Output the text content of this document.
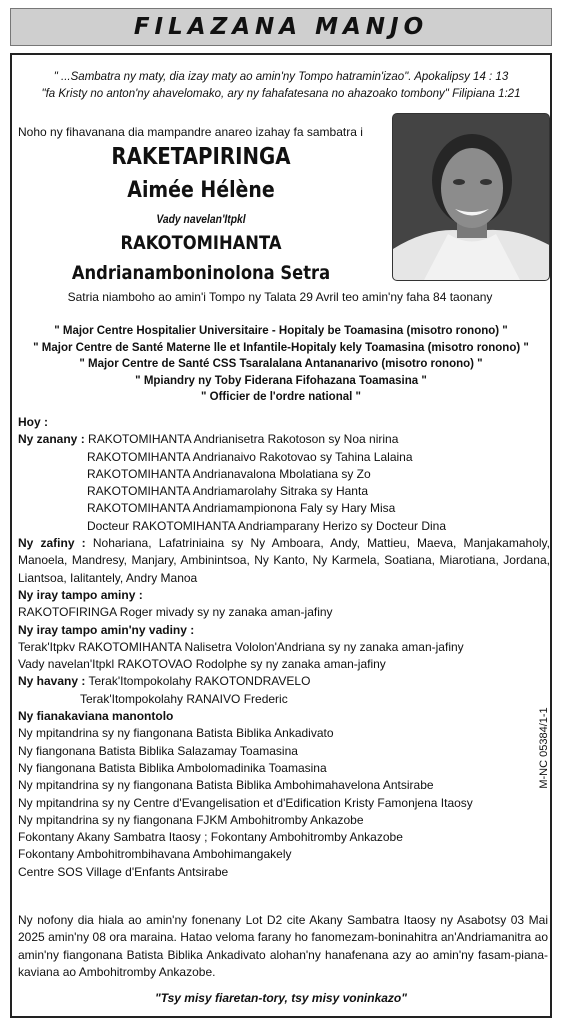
FILAZANA MANJO
" ...Sambatra ny maty, dia izay maty ao amin'ny Tompo hatramin'izao". Apokalipsy 14 : 13
"fa Kristy no anton'ny ahavelomako, ary ny fahafatesana no ahazoako tombony" Filipiana 1:21
Noho ny fihavanana dia mampandre anareo izahay fa sambatra i
RAKETAPIRINGA
Aimée Hélène
Vady navelan'Itpkl
RAKOTOMIHANTA
Andrianamboninolona Setra
Satria niamboho ao amin'i Tompo ny Talata 29 Avril teo amin'ny faha 84 taonany
" Major Centre Hospitalier Universitaire - Hopitaly be Toamasina (misotro ronono) "
" Major Centre de Santé Materne lle et Infantile-Hopitaly kely Toamasina (misotro ronono) "
" Major Centre de Santé CSS Tsaralalana Antananarivo (misotro ronono) "
" Mpiandry ny Toby Fiderana Fifohazana Toamasina "
" Officier de l'ordre national "
Hoy :
Ny zanany : RAKOTOMIHANTA Andrianisetra Rakotoson sy Noa nirina
RAKOTOMIHANTA Andrianaivo Rakotovao sy Tahina Lalaina
RAKOTOMIHANTA Andrianavalona Mbolatiana sy Zo
RAKOTOMIHANTA Andriamarolahy Sitraka sy Hanta
RAKOTOMIHANTA Andriamampionona Faly sy Hary Misa
Docteur RAKOTOMIHANTA Andriamparany Herizo sy Docteur Dina
Ny zafiny : Nohariana, Lafatriniaina sy Ny Amboara, Andy, Mattieu, Maeva, Manjakamaholy, Manoela, Mandresy, Manjary, Ambinintsoa, Ny Kanto, Ny Karmela, Soatiana, Miarotiana, Jordana, Liantsoa, Ialitantely, Andry Manoa
Ny iray tampo aminy :
RAKOTOFIRINGA Roger mivady sy ny zanaka aman-jafiny
Ny iray tampo amin'ny vadiny :
Terak'Itpkv RAKOTOMIHANTA Nalisetra Vololon'Andriana sy ny zanaka aman-jafiny
Vady navelan'Itpkl RAKOTOVAO Rodolphe sy ny zanaka aman-jafiny
Ny havany : Terak'Itompokolahy RAKOTONDRAVELO
Terak'Itompokolahy RANAIVO Frederic
Ny fianakaviana manontolo
Ny mpitandrina sy ny fiangonana Batista Biblika Ankadivato
Ny fiangonana Batista Biblika Salazamay Toamasina
Ny fiangonana Batista Biblika Ambolomadinika Toamasina
Ny mpitandrina sy ny fiangonana Batista Biblika Ambohimahavelona Antsirabe
Ny mpitandrina sy ny Centre d'Evangelisation et d'Edification Kristy Famonjena Itaosy
Ny mpitandrina sy ny fiangonana FJKM Ambohitromby Ankazobe
Fokontany Akany Sambatra Itaosy ; Fokontany Ambohitromby Ankazobe
Fokontany Ambohitrombihavana Ambohimangakely
Centre SOS Village d'Enfants Antsirabe
Ny nofony dia hiala ao amin'ny fonenany Lot D2 cite Akany Sambatra Itaosy ny Asabotsy 03 Mai 2025 amin'ny 08 ora maraina. Hatao veloma farany ho fanomezam-boninahitra an'Andriamanitra ao amin'ny fiangonana Batista Biblika Ankadivato alohan'ny hanafenana azy ao amin'ny fasam-piana-kaviana ao Ambohitromby Ankazobe.
"Tsy misy fiaretan-tory, tsy misy voninkazo"
M-NC 05384/1-1
